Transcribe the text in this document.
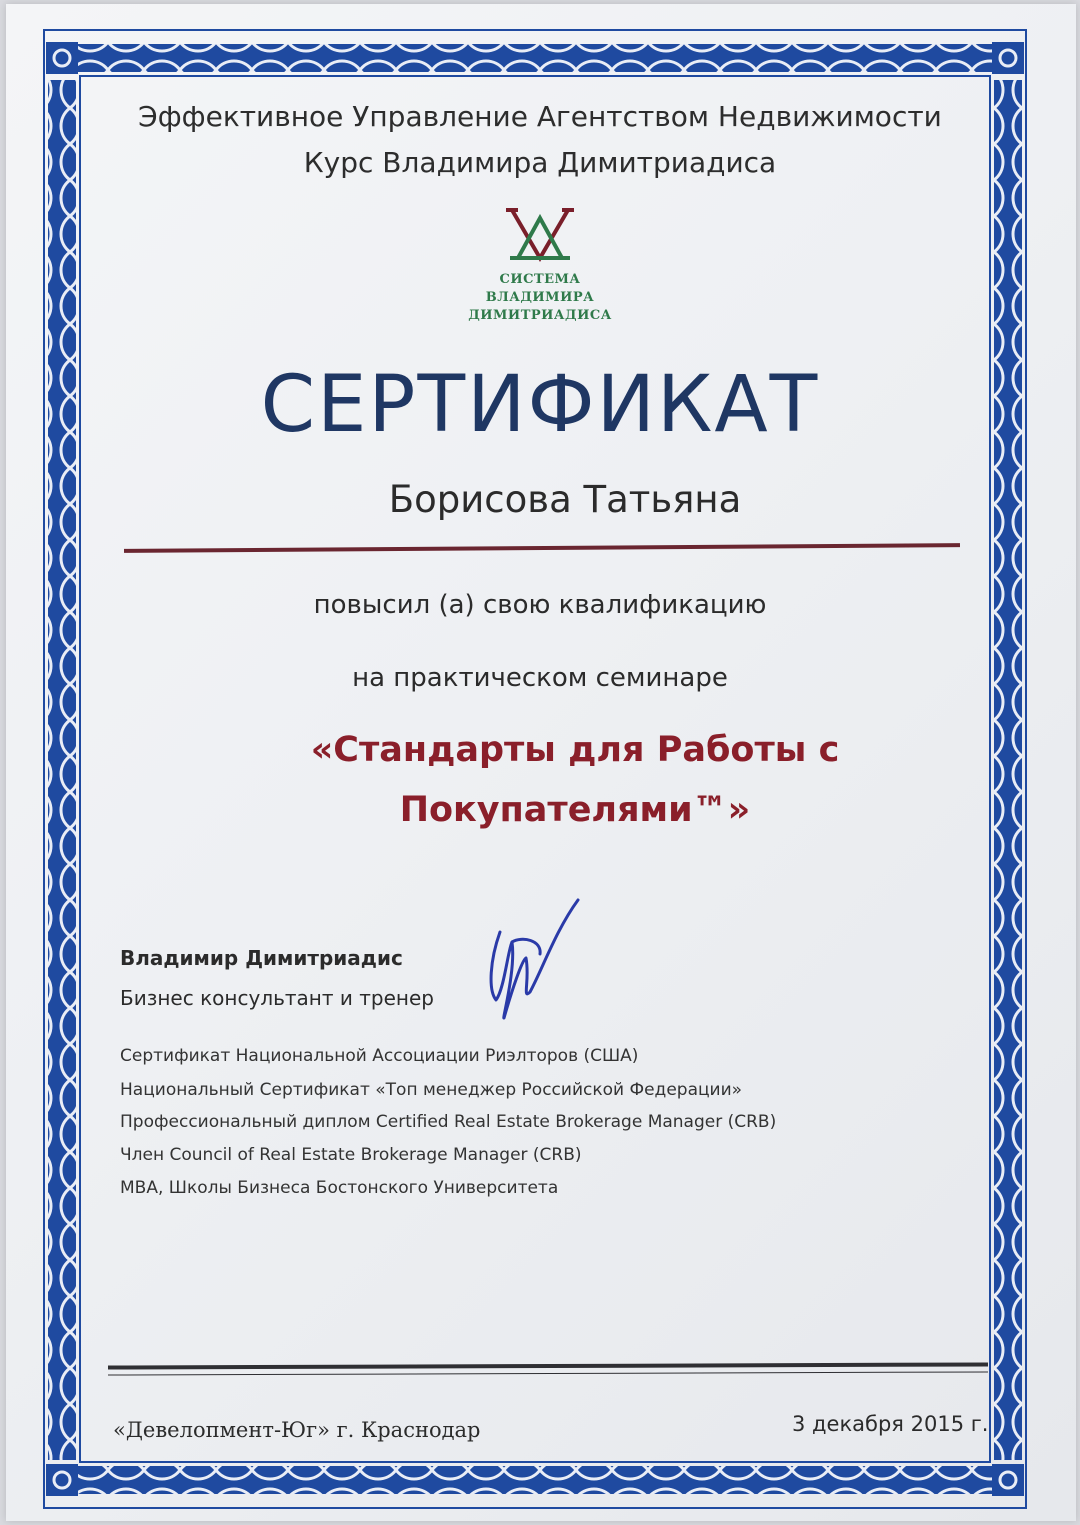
Эффективное Управление Агентством Недвижимости
Курс Владимира Димитриадиса
СИСТЕМА
ВЛАДИМИРА
ДИМИТРИАДИСА
СЕРТИФИКАТ
Борисова Татьяна
повысил (а) свою квалификацию
на практическом семинаре
«Стандарты для Работы с
Покупателями™»
Владимир Димитриадис
Бизнес консультант и тренер
Сертификат Национальной Ассоциации Риэлторов (США)
Национальный Сертификат «Топ менеджер Российской Федерации»
Профессиональный диплом Certified Real Estate Brokerage Manager (CRB)
Член Council of Real Estate Brokerage Manager (CRB)
MBA, Школы Бизнеса Бостонского Университета
«Девелопмент-Юг» г. Краснодар	3 декабря 2015 г.
